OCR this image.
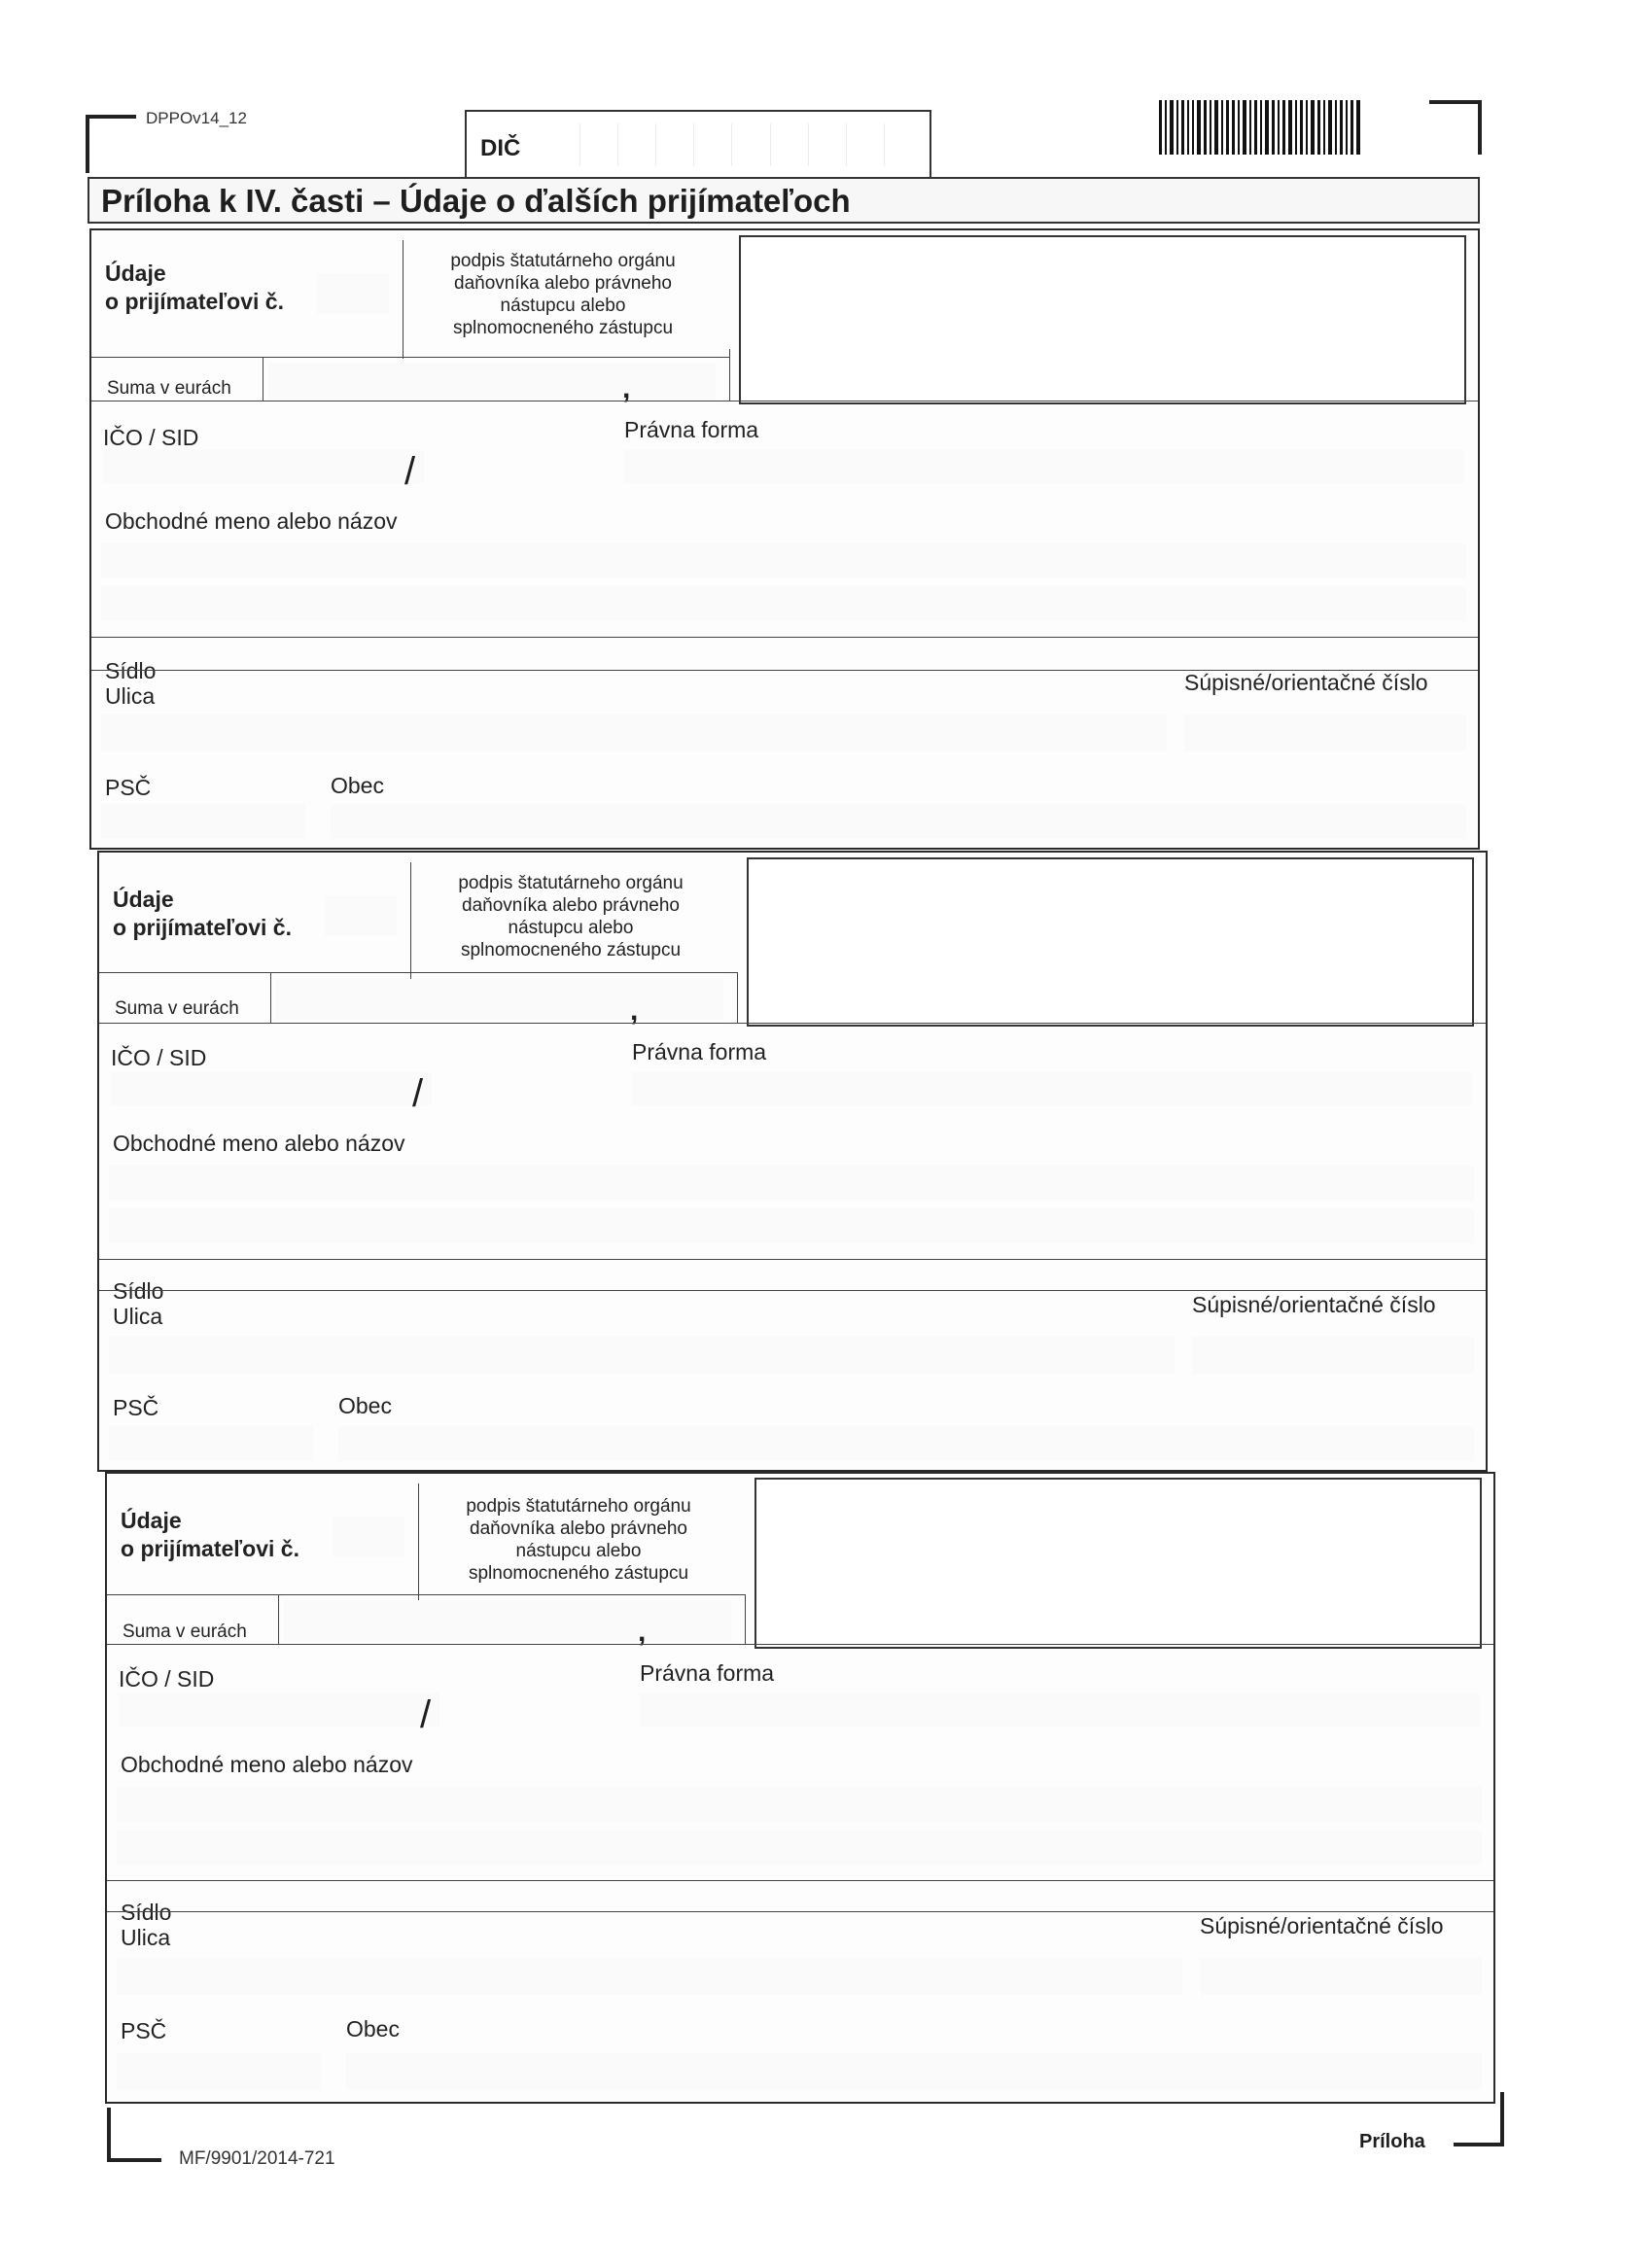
DPPOv14_12
DIČ
Príloha k IV. časti – Údaje o ďalších prijímateľoch
Údaje
o prijímateľovi č.
podpis štatutárneho orgánu
daňovníka alebo právneho
nástupcu alebo
splnomocneného zástupcu
Suma v eurách	,
IČO / SID	Právna forma
/
Obchodné meno alebo názov
Sídlo
Ulica
Súpisné/orientačné číslo
PSČ	Obec
Údaje
o prijímateľovi č.
podpis štatutárneho orgánu
daňovníka alebo právneho
nástupcu alebo
splnomocneného zástupcu
Suma v eurách	,
IČO / SID	Právna forma
/
Obchodné meno alebo názov
Sídlo
Ulica	Súpisné/orientačné číslo
PSČ	Obec
Údaje
o prijímateľovi č.
podpis štatutárneho orgánu
daňovníka alebo právneho
nástupcu alebo
splnomocneného zástupcu
Suma v eurách	,
IČO / SID	Právna forma
/
Obchodné meno alebo názov
Sídlo
Ulica	Súpisné/orientačné číslo
PSČ	Obec
MF/9901/2014-721
Príloha
